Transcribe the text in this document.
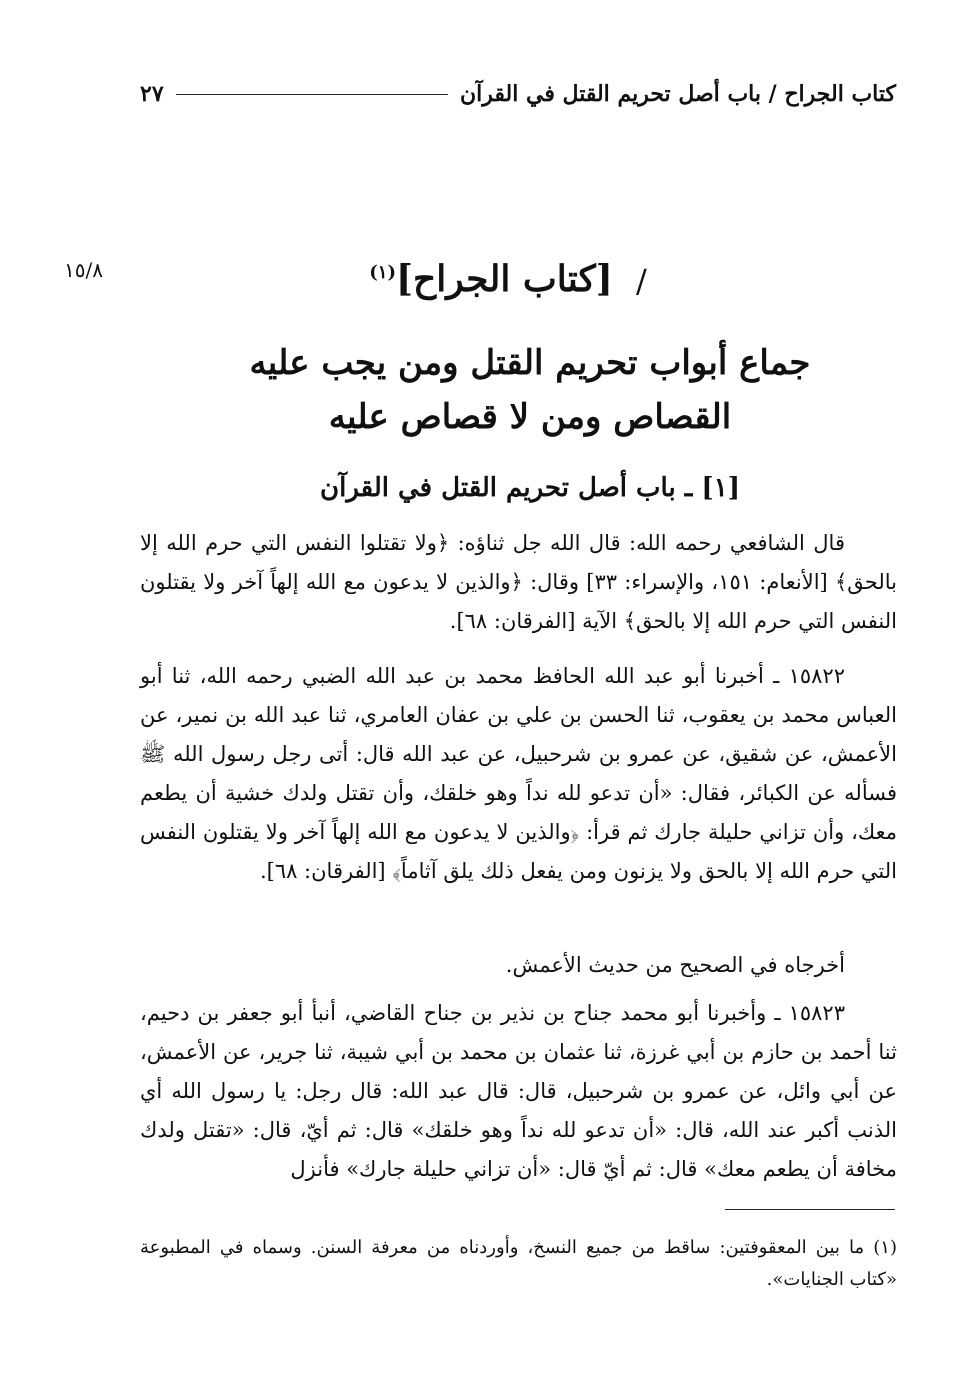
كتاب الجراح / باب أصل تحريم القتل في القرآن
٢٧
١٥/٨	/
[كتاب الجراح]$^{(١)}$
جماع أبواب تحريم القتل ومن يجب عليه
القصاص ومن لا قصاص عليه
[١] ـ باب أصل تحريم القتل في القرآن
قال الشافعي رحمه الله: قال الله جل ثناؤه: ﴿ولا تقتلوا النفس التي حرم الله إلا بالحق﴾ [الأنعام: ١٥١، والإسراء: ٣٣] وقال: ﴿والذين لا يدعون مع الله إلهاً آخر ولا يقتلون النفس التي حرم الله إلا بالحق﴾ الآية [الفرقان: ٦٨].
١٥٨٢٢ ـ أخبرنا أبو عبد الله الحافظ محمد بن عبد الله الضبي رحمه الله، ثنا أبو العباس محمد بن يعقوب، ثنا الحسن بن علي بن عفان العامري، ثنا عبد الله بن نمير، عن الأعمش، عن شقيق، عن عمرو بن شرحبيل، عن عبد الله قال: أتى رجل رسول الله ﷺ فسأله عن الكبائر، فقال: «أن تدعو لله نداً وهو خلقك، وأن تقتل ولدك خشية أن يطعم معك، وأن تزاني حليلة جارك ثم قرأ: ﴿والذين لا يدعون مع الله إلهاً آخر ولا يقتلون النفس التي حرم الله إلا بالحق ولا يزنون ومن يفعل ذلك يلق آثاماً﴾ [الفرقان: ٦٨].
أخرجاه في الصحيح من حديث الأعمش.
١٥٨٢٣ ـ وأخبرنا أبو محمد جناح بن نذير بن جناح القاضي، أنبأ أبو جعفر بن دحيم، ثنا أحمد بن حازم بن أبي غرزة، ثنا عثمان بن محمد بن أبي شيبة، ثنا جرير، عن الأعمش، عن أبي وائل، عن عمرو بن شرحبيل، قال: قال عبد الله: قال رجل: يا رسول الله أي الذنب أكبر عند الله، قال: «أن تدعو لله نداً وهو خلقك» قال: ثم أيّ، قال: «تقتل ولدك مخافة أن يطعم معك» قال: ثم أيّ قال: «أن تزاني حليلة جارك» فأنزل
(١) ما بين المعقوفتين: ساقط من جميع النسخ، وأوردناه من معرفة السنن. وسماه في المطبوعة «كتاب الجنايات».
